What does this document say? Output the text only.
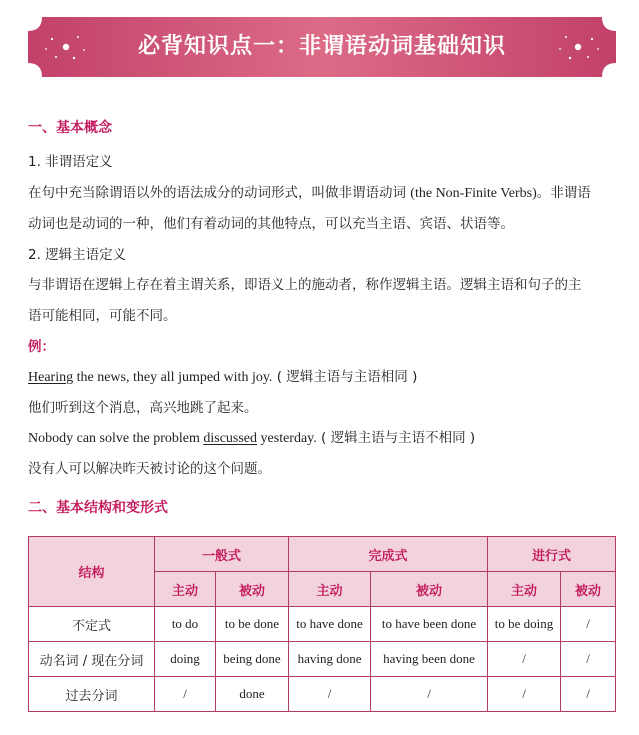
必背知识点一：非谓语动词基础知识
一、基本概念
1. 非谓语定义
在句中充当除谓语以外的语法成分的动词形式，叫做非谓语动词 (the Non-Finite Verbs)。非谓语
动词也是动词的一种，他们有着动词的其他特点，可以充当主语、宾语、状语等。
2. 逻辑主语定义
与非谓语在逻辑上存在着主谓关系，即语义上的施动者，称作逻辑主语。逻辑主语和句子的主
语可能相同，可能不同。
例：
Hearing the news, they all jumped with joy. ( 逻辑主语与主语相同 )
他们听到这个消息，高兴地跳了起来。
Nobody can solve the problem discussed yesterday. ( 逻辑主语与主语不相同 )
没有人可以解决昨天被讨论的这个问题。
二、基本结构和变形式
结构	一般式		完成式		进行式	
	主动	被动	主动	被动	主动	被动
不定式	to do	to be done	to have done	to have been done	to be doing	/
动名词 / 现在分词	doing	being done	having done	having been done	/	/
过去分词	/	done	/	/	/	/
